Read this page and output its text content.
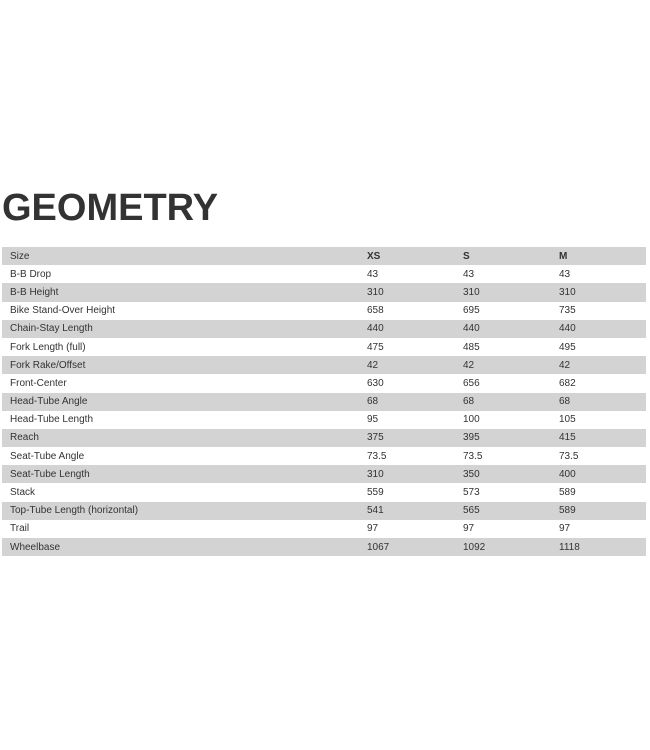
GEOMETRY
Size	XS	S	M
B-B Drop	43	43	43
B-B Height	310	310	310
Bike Stand-Over Height	658	695	735
Chain-Stay Length	440	440	440
Fork Length (full)	475	485	495
Fork Rake/Offset	42	42	42
Front-Center	630	656	682
Head-Tube Angle	68	68	68
Head-Tube Length	95	100	105
Reach	375	395	415
Seat-Tube Angle	73.5	73.5	73.5
Seat-Tube Length	310	350	400
Stack	559	573	589
Top-Tube Length (horizontal)	541	565	589
Trail	97	97	97
Wheelbase	1067	1092	1118
